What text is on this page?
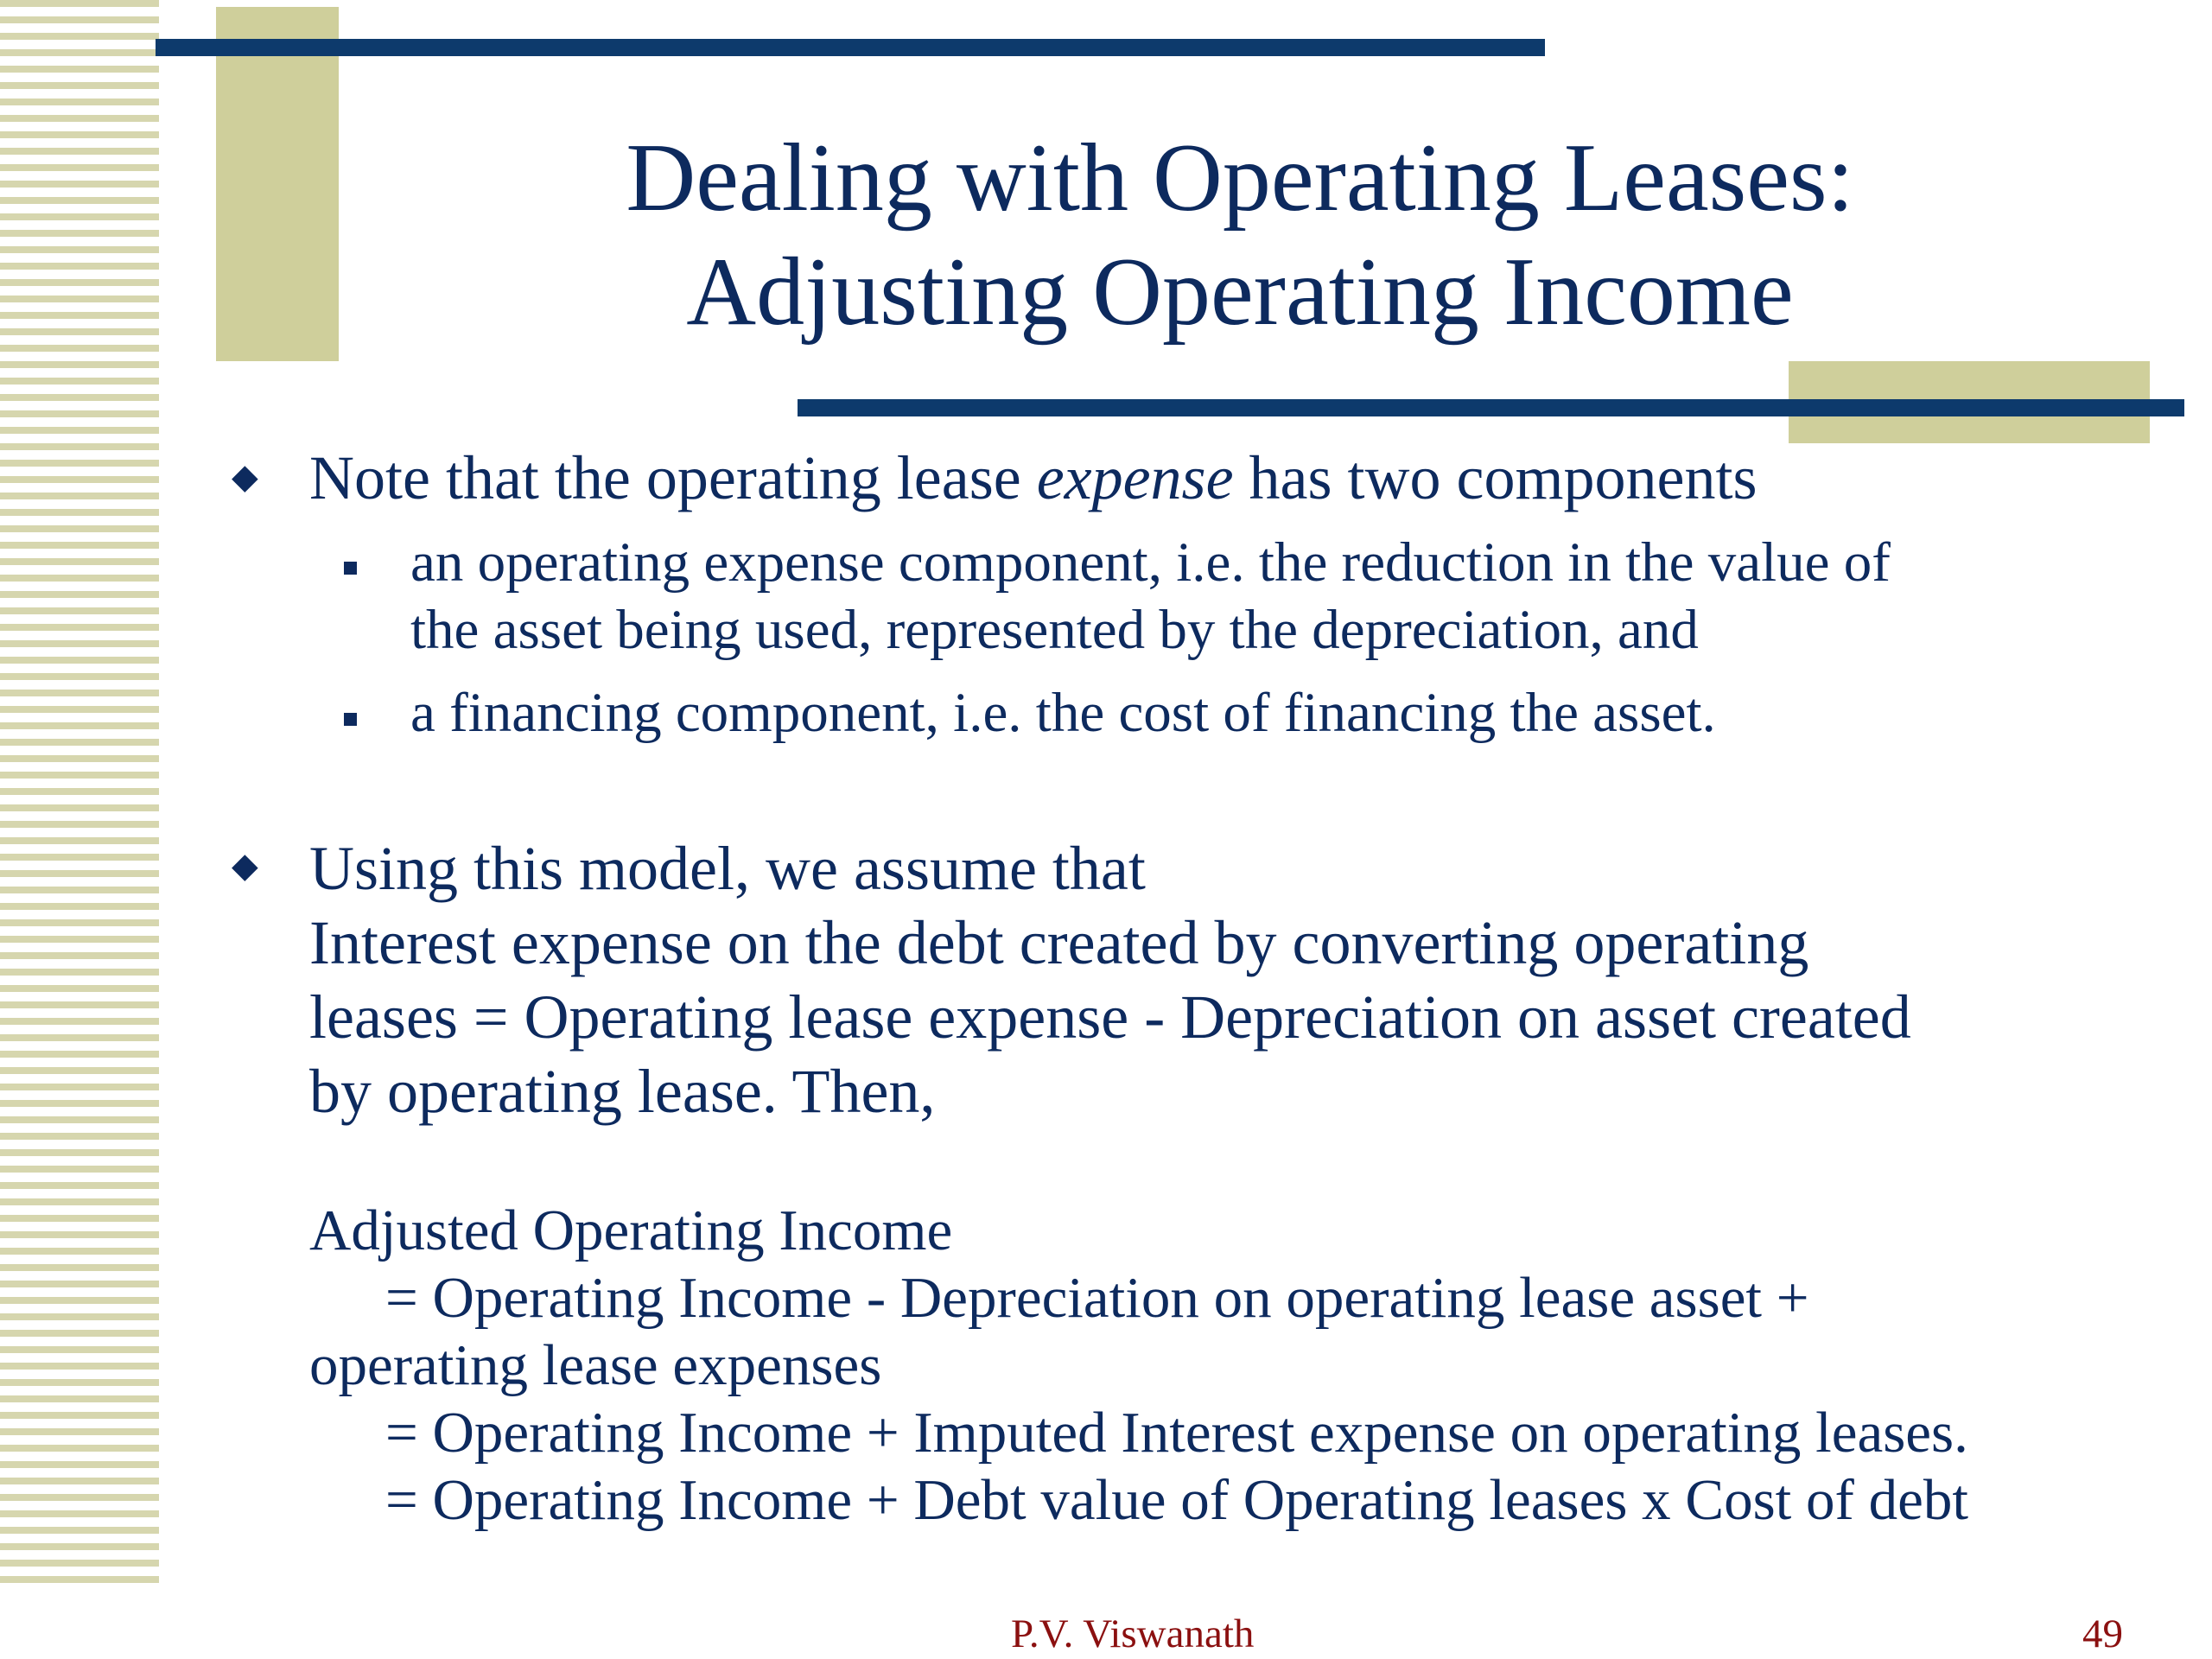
Dealing with Operating Leases:
Adjusting Operating Income
◆ Note that the operating lease expense has two components
an operating expense component, i.e. the reduction in the value of
the asset being used, represented by the depreciation, and
a financing component, i.e. the cost of financing the asset.
◆ Using this model, we assume that
Interest expense on the debt created by converting operating
leases = Operating lease expense - Depreciation on asset created
by operating lease. Then,
Adjusted Operating Income
= Operating Income - Depreciation on operating lease asset +
operating lease expenses
= Operating Income + Imputed Interest expense on operating leases.
= Operating Income + Debt value of Operating leases x Cost of debt
P.V. Viswanath	49
